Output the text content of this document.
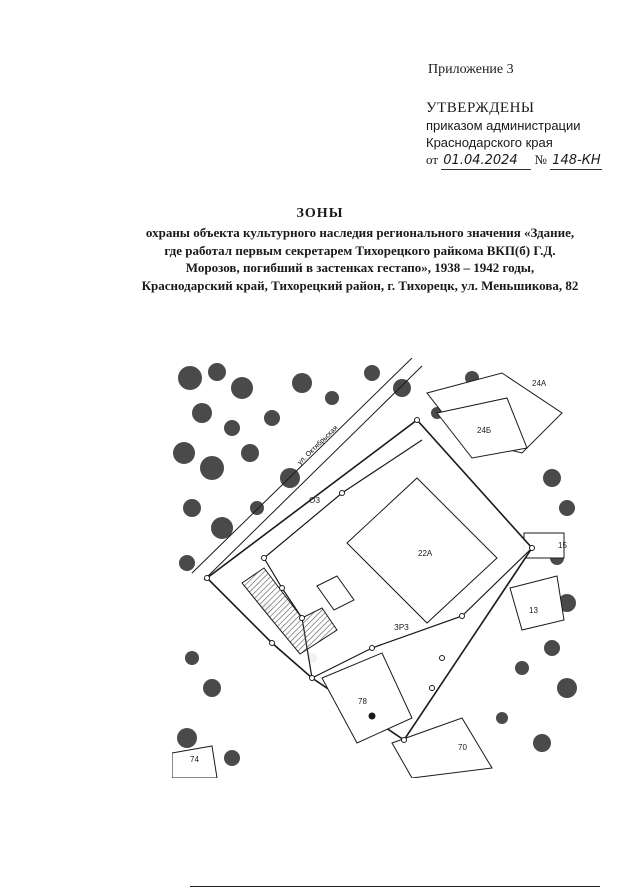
Приложение 3
УТВЕРЖДЕНЫ
приказом администрации
Краснодарского края
от 01.04.2024 № 148-КН
ЗОНЫ
охраны объекта культурного наследия регионального значения «Здание, где работал первым секретарем Тихорецкого райкома ВКП(б) Г.Д. Морозов, погибший в застенках гестапо», 1938 – 1942 годы, Краснодарский край, Тихорецкий район, г. Тихорецк, ул. Меньшикова, 82
ул. Октябрьская
ОЗ
ЗРЗ
22А
24А
24Б
15
13
78
70
74
